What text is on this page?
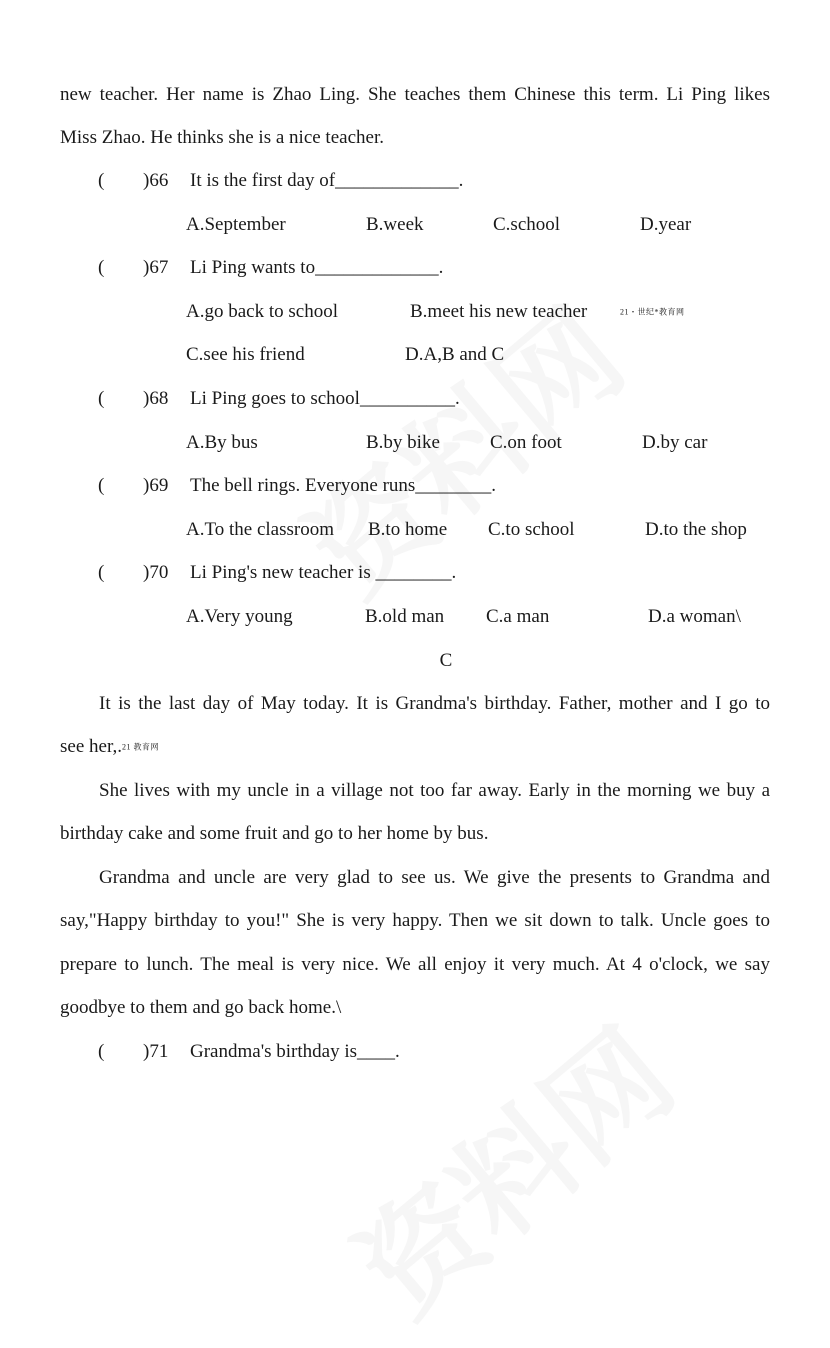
new teacher. Her name is Zhao Ling. She teaches them Chinese this term. Li Ping likes
Miss Zhao. He thinks she is a nice teacher.
( )66 It is the first day of_____________.
A.September	B.week	C.school	D.year
( )67 Li Ping wants to_____________.
A.go back to school	B.meet his new teacher	21・世纪*教育网
C.see his friend	D.A,B and C
( )68 Li Ping goes to school__________.
A.By bus	B.by bike	C.on foot	D.by car
( )69 The bell rings. Everyone runs________.
A.To the classroom B.to home C.to school	D.to the shop
( )70 Li Ping's new teacher is ________.
A.Very young	B.old man C.a man	D.a woman\
C
It is the last day of May today. It is Grandma's birthday. Father, mother and I go to
see her,.21 教育网
She lives with my uncle in a village not too far away. Early in the morning we buy a
birthday cake and some fruit and go to her home by bus.
Grandma and uncle are very glad to see us. We give the presents to Grandma and
say,"Happy birthday to you!" She is very happy. Then we sit down to talk. Uncle goes to
prepare to lunch. The meal is very nice. We all enjoy it very much. At 4 o'clock, we say
goodbye to them and go back home.\
( )71 Grandma's birthday is____.
